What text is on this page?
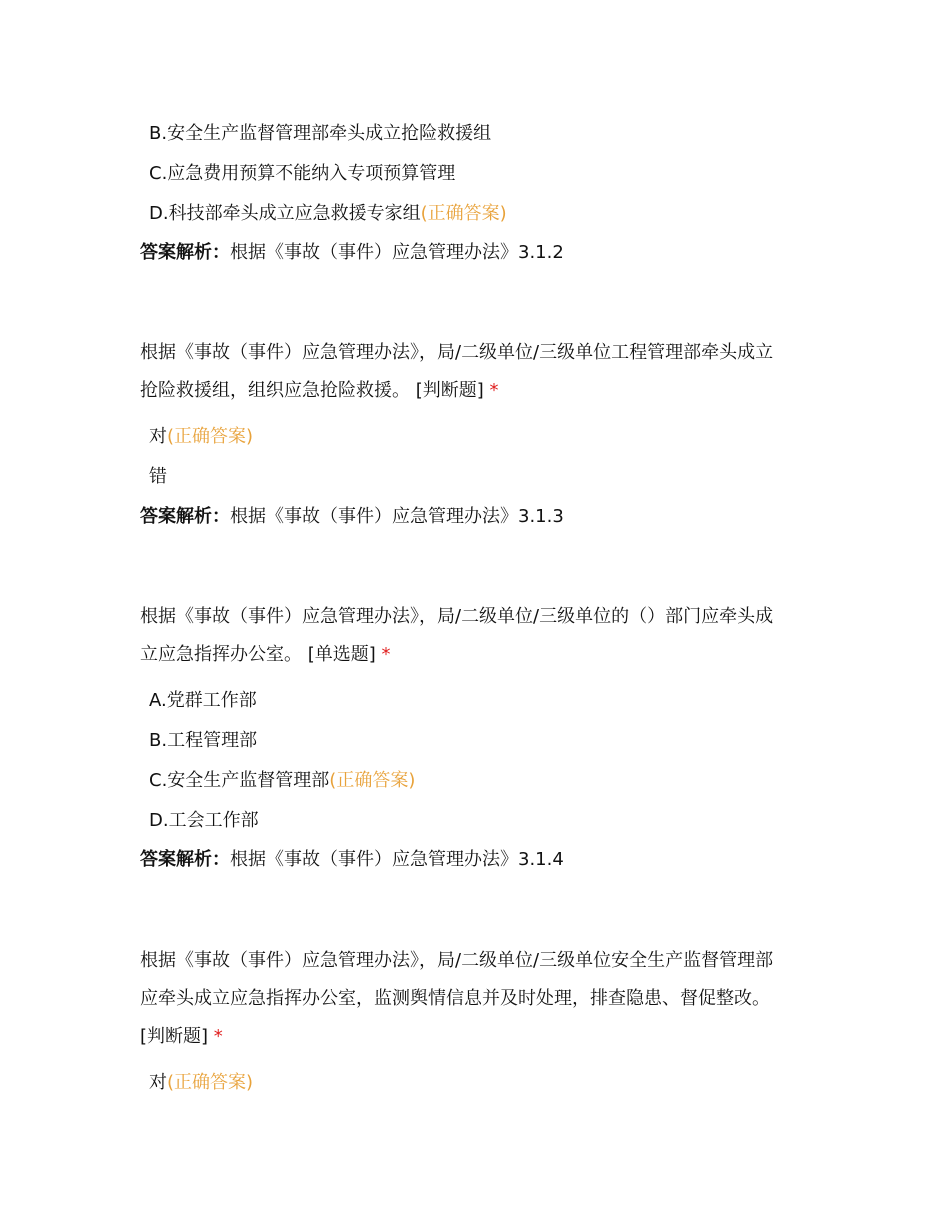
B.安全生产监督管理部牵头成立抢险救援组
C.应急费用预算不能纳入专项预算管理
D.科技部牵头成立应急救援专家组(正确答案)
答案解析：根据《事故（事件）应急管理办法》3.1.2
根据《事故（事件）应急管理办法》，局/二级单位/三级单位工程管理部牵头成立
抢险救援组，组织应急抢险救援。 [判断题] *
对(正确答案)
错
答案解析：根据《事故（事件）应急管理办法》3.1.3
根据《事故（事件）应急管理办法》，局/二级单位/三级单位的（）部门应牵头成
立应急指挥办公室。 [单选题] *
A.党群工作部
B.工程管理部
C.安全生产监督管理部(正确答案)
D.工会工作部
答案解析：根据《事故（事件）应急管理办法》3.1.4
根据《事故（事件）应急管理办法》，局/二级单位/三级单位安全生产监督管理部
应牵头成立应急指挥办公室，监测舆情信息并及时处理，排查隐患、督促整改。
[判断题] *
对(正确答案)
